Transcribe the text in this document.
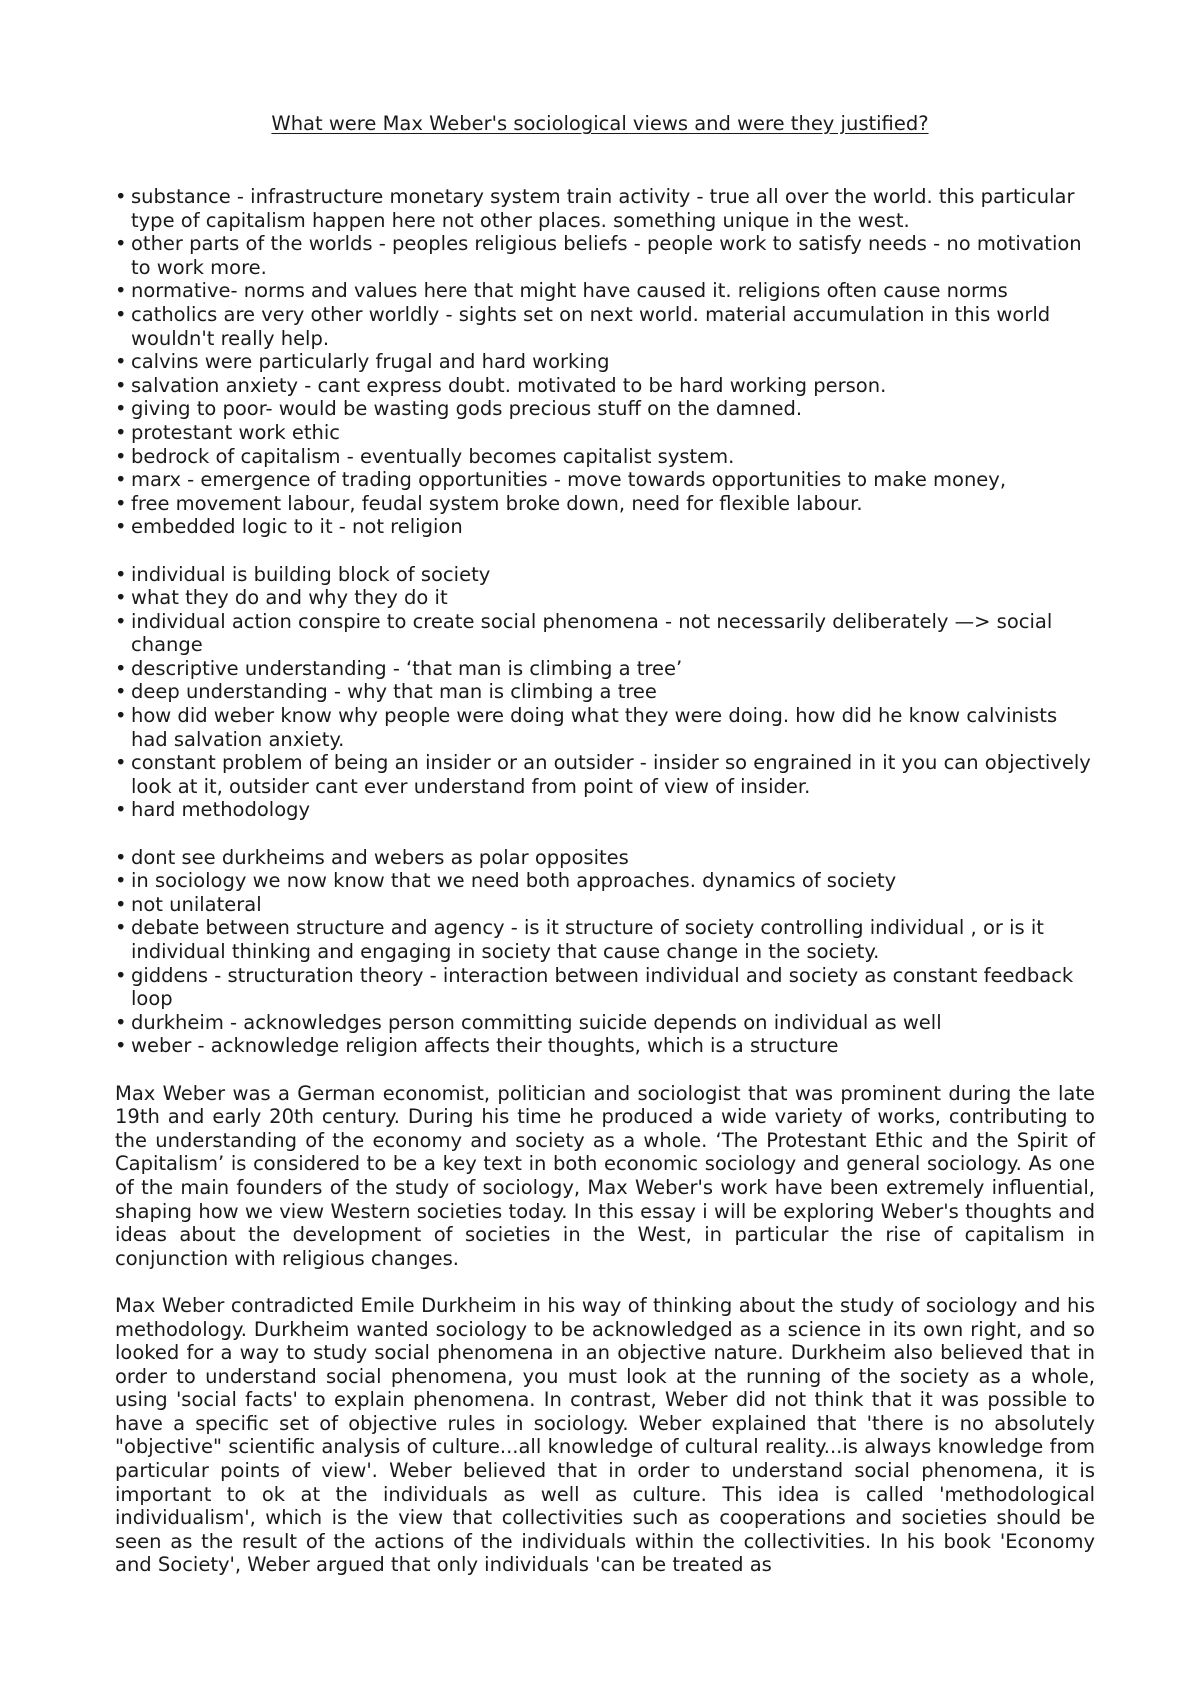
What were Max Weber's sociological views and were they justified?
• substance - infrastructure monetary system train activity - true all over the world. this particular type of capitalism happen here not other places. something unique in the west.
• other parts of the worlds - peoples religious beliefs - people work to satisfy needs - no motivation to work more.
• normative- norms and values here that might have caused it. religions often cause norms
• catholics are very other worldly - sights set on next world. material accumulation in this world wouldn't really help.
• calvins were particularly frugal and hard working
• salvation anxiety - cant express doubt. motivated to be hard working person.
• giving to poor- would be wasting gods precious stuff on the damned.
• protestant work ethic
• bedrock of capitalism - eventually becomes capitalist system.
• marx - emergence of trading opportunities - move towards opportunities to make money,
• free movement labour, feudal system broke down, need for flexible labour.
• embedded logic to it - not religion
• individual is building block of society
• what they do and why they do it
• individual action conspire to create social phenomena - not necessarily deliberately —> social change
• descriptive understanding - ‘that man is climbing a tree’
• deep understanding - why that man is climbing a tree
• how did weber know why people were doing what they were doing. how did he know calvinists had salvation anxiety.
• constant problem of being an insider or an outsider - insider so engrained in it you can objectively look at it, outsider cant ever understand from point of view of insider.
• hard methodology
• dont see durkheims and webers as polar opposites
• in sociology we now know that we need both approaches. dynamics of society
• not unilateral
• debate between structure and agency - is it structure of society controlling individual , or is it individual thinking and engaging in society that cause change in the society.
• giddens - structuration theory - interaction between individual and society as constant feedback loop
• durkheim - acknowledges person committing suicide depends on individual as well
• weber - acknowledge religion affects their thoughts, which is a structure

Max Weber was a German economist, politician and sociologist that was prominent during the late 19th and early 20th century. During his time he produced a wide variety of works, contributing to the understanding of the economy and society as a whole. ‘The Protestant Ethic and the Spirit of Capitalism’ is considered to be a key text in both economic sociology and general sociology. As one of the main founders of the study of sociology, Max Weber's work have been extremely influential, shaping how we view Western societies today. In this essay i will be exploring Weber's thoughts and ideas about the development of societies in the West, in particular the rise of capitalism in conjunction with religious changes.

Max Weber contradicted Emile Durkheim in his way of thinking about the study of sociology and his methodology. Durkheim wanted sociology to be acknowledged as a science in its own right, and so looked for a way to study social phenomena in an objective nature. Durkheim also believed that in order to understand social phenomena, you must look at the running of the society as a whole, using 'social facts' to explain phenomena. In contrast, Weber did not think that it was possible to have a specific set of objective rules in sociology. Weber explained that 'there is no absolutely "objective" scientific analysis of culture...all knowledge of cultural reality...is always knowledge from particular points of view'. Weber believed that in order to understand social phenomena, it is important to ok at the individuals as well as culture. This idea is called 'methodological individualism', which is the view that collectivities such as cooperations and societies should be seen as the result of the actions of the individuals within the collectivities. In his book 'Economy and Society', Weber argued that only individuals 'can be treated as
